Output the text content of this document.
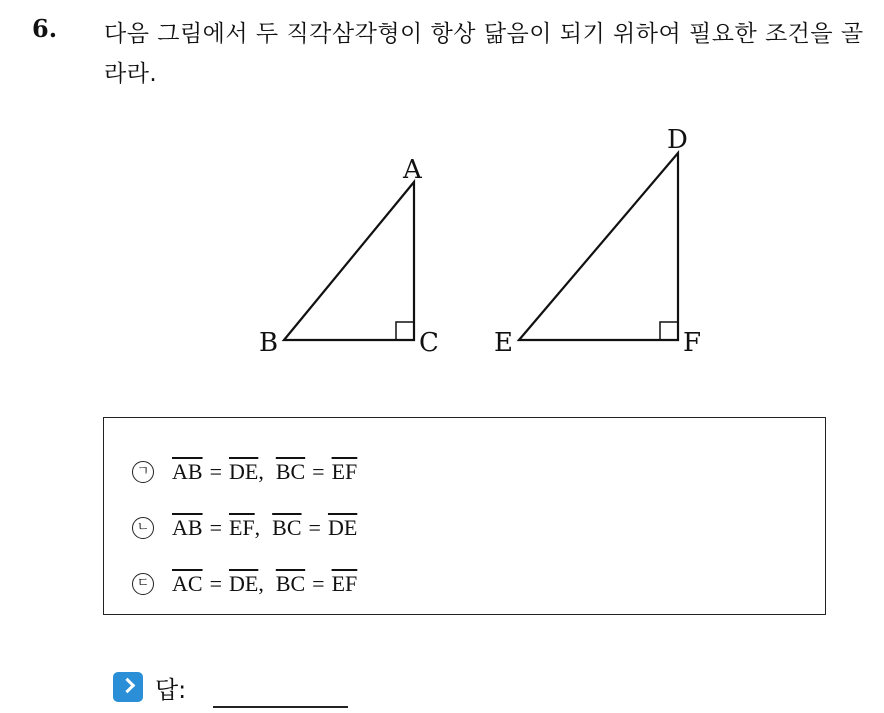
6. 다음 그림에서 두 직각삼각형이 항상 닮음이 되기 위하여 필요한 조건을 골라라.
A
B	C
D
E	F
ㄱ $\overline{AB} = \overline{DE}$ , $\overline{BC} = \overline{EF}$
ㄴ $\overline{AB} = \overline{EF}$ , $\overline{BC} = \overline{DE}$
ㄷ $\overline{AC} = \overline{DE}$ , $\overline{BC} = \overline{EF}$
답:
